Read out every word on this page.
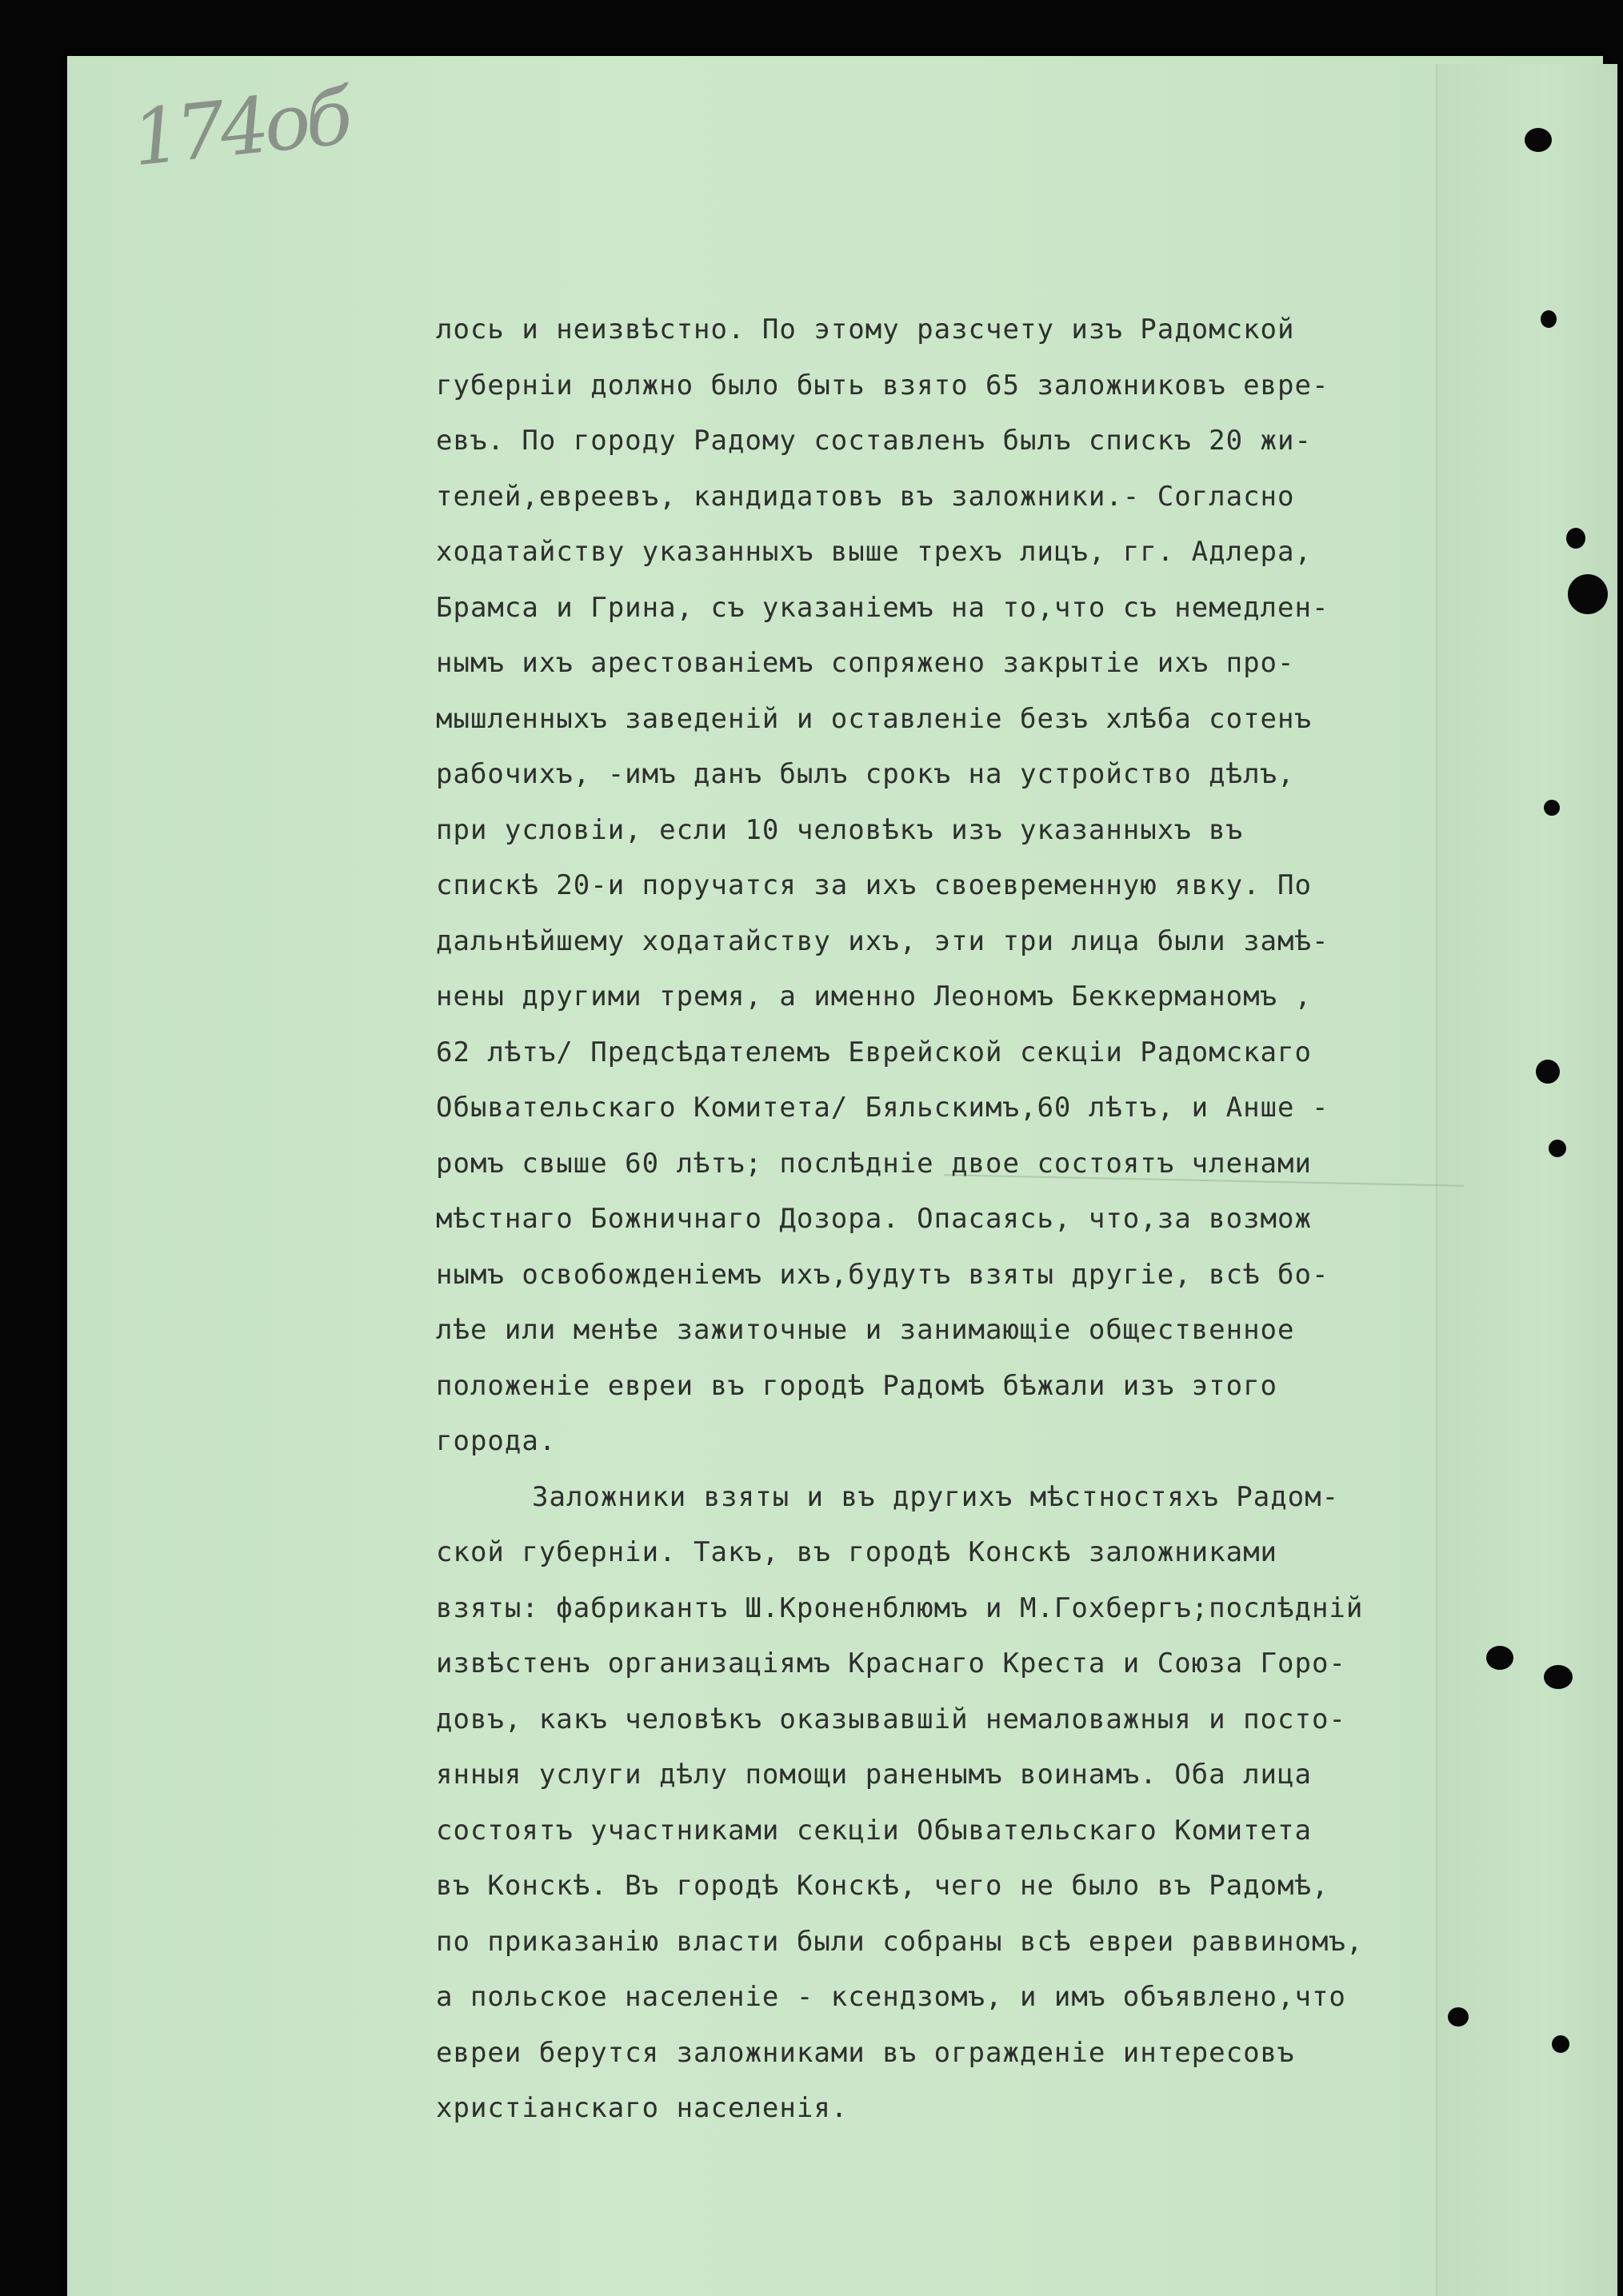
174об
лось и неизвѣстно. По этому разсчету изъ Радомской
губерніи должно было быть взято 65 заложниковъ евре-
евъ. По городу Радому составленъ былъ спискъ 20 жи-
телей,евреевъ, кандидатовъ въ заложники.- Согласно
ходатайству указанныхъ выше трехъ лицъ, гг. Адлера,
Брамса и Грина, съ указаніемъ на то,что съ немедлен-
нымъ ихъ арестованіемъ сопряжено закрытіе ихъ про-
мышленныхъ заведеній и оставленіе безъ хлѣба сотенъ
рабочихъ, -имъ данъ былъ срокъ на устройство дѣлъ,
при условіи, если 10 человѣкъ изъ указанныхъ въ
спискѣ 20-и поручатся за ихъ своевременную явку. По
дальнѣйшему ходатайству ихъ, эти три лица были замѣ-
нены другими тремя, а именно Леономъ Беккерманомъ ,
62 лѣтъ/ Предсѣдателемъ Еврейской секціи Радомскаго
Обывательскаго Комитета/ Бяльскимъ,60 лѣтъ, и Анше -
ромъ свыше 60 лѣтъ; послѣдніе двое состоятъ членами
мѣстнаго Божничнаго Дозора. Опасаясь, что,за возмож
нымъ освобожденіемъ ихъ,будутъ взяты другіе, всѣ бо-
лѣе или менѣе зажиточные и занимающіе общественное
положеніе евреи въ городѣ Радомѣ бѣжали изъ этого
города.
Заложники взяты и въ другихъ мѣстностяхъ Радом-
ской губерніи. Такъ, въ городѣ Конскѣ заложниками
взяты: фабрикантъ Ш.Кроненблюмъ и М.Гохбергъ;послѣдній
извѣстенъ организаціямъ Краснаго Креста и Союза Горо-
довъ, какъ человѣкъ оказывавшій немаловажныя и посто-
янныя услуги дѣлу помощи раненымъ воинамъ. Оба лица
состоятъ участниками секціи Обывательскаго Комитета
въ Конскѣ. Въ городѣ Конскѣ, чего не было въ Радомѣ,
по приказанію власти были собраны всѣ евреи раввиномъ,
а польское населеніе - ксендзомъ, и имъ объявлено,что
евреи берутся заложниками въ огражденіе интересовъ
христіанскаго населенія.
